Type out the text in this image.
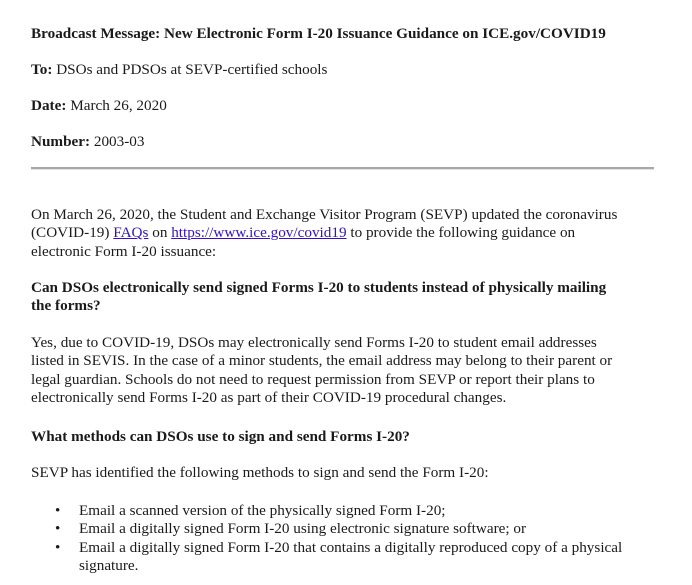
Broadcast Message: New Electronic Form I-20 Issuance Guidance on ICE.gov/COVID19
To: DSOs and PDSOs at SEVP-certified schools
Date: March 26, 2020
Number: 2003-03

On March 26, 2020, the Student and Exchange Visitor Program (SEVP) updated the coronavirus

(COVID-19) FAQs on https://www.ice.gov/covid19 to provide the following guidance on

electronic Form I-20 issuance:

Can DSOs electronically send signed Forms I-20 to students instead of physically mailing

the forms?

Yes, due to COVID-19, DSOs may electronically send Forms I-20 to student email addresses

listed in SEVIS. In the case of a minor students, the email address may belong to their parent or

legal guardian. Schools do not need to request permission from SEVP or report their plans to

electronically send Forms I-20 as part of their COVID-19 procedural changes.

What methods can DSOs use to sign and send Forms I-20?

SEVP has identified the following methods to sign and send the Form I-20:

• Email a scanned version of the physically signed Form I-20;
• Email a digitally signed Form I-20 using electronic signature software; or
• Email a digitally signed Form I-20 that contains a digitally reproduced copy of a physical
signature.
